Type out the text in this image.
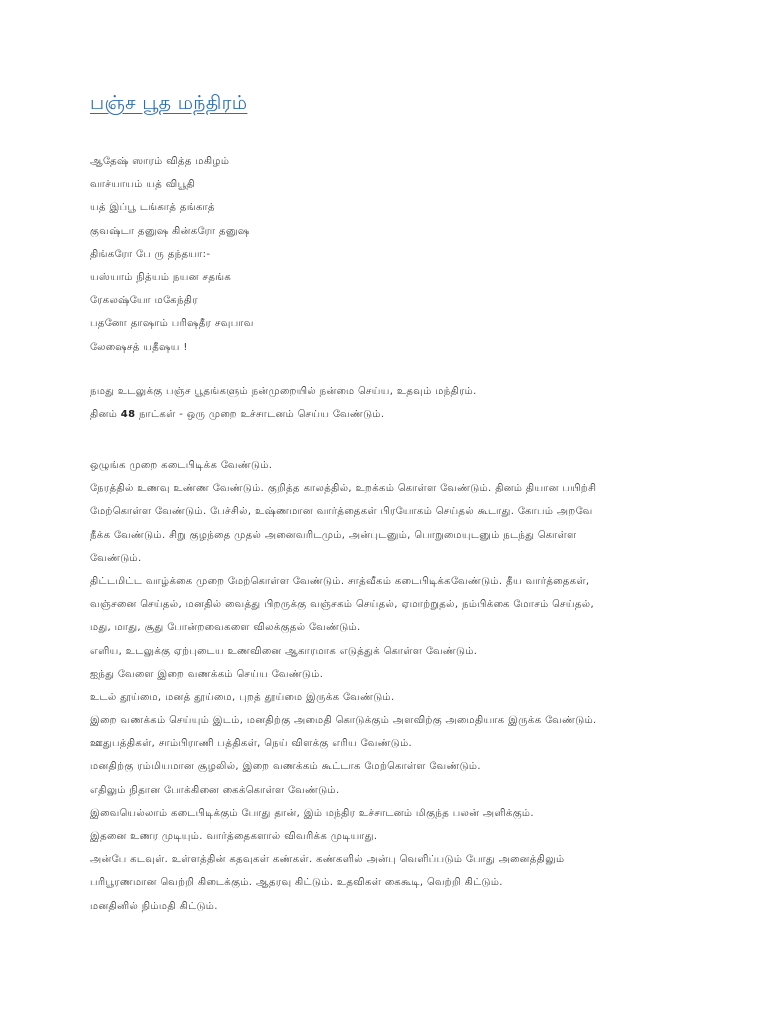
பஞ்ச பூத மந்திரம்
ஆதேஷ் ஸாரம் வித்த மகிழம்
வாச்யாயம் யத் விபூதி
யத் இப்பூ டங்காத் தங்காத்
குவஷ்டா தனுஷ கின்கரோ தனுஷ
திங்கரோ பே ரு தந்தயா:-
யஸ்யாம் நித்யம் நயன சதங்க
ரேகலஷ்யோ மகேந்திர
பதனோ தாஷாம் பரிஷதீர சவுபாவ
லேஷைசத் யதீஷய !
நமது உடலுக்கு பஞ்ச பூதங்களும் நன்முறையில் நன்மை செய்ய, உதவும் மந்திரம்.
தினம் 48 நாட்கள் - ஒரு முறை உச்சாடனம் செய்ய வேண்டும்.
ஒழுங்க முறை கடைபிடிக்க வேண்டும்.
நேரத்தில் உணவு உண்ண வேண்டும். குறித்த காலத்தில், உறக்கம் கொள்ள வேண்டும். தினம் தியான பயிற்சி
மேற்கொள்ள வேண்டும். பேச்சில், உஷ்ணமான வார்த்தைகள் பிரயோகம் செய்தல் கூடாது. கோபம் அறவே
நீக்க வேண்டும். சிறு குழந்தை முதல் அனைவரிடமும், அன்புடனும், பொறுமையுடனும் நடந்து கொள்ள
வேண்டும்.
திட்டமிட்ட வாழ்க்கை முறை மேற்கொள்ள வேண்டும். சாத்வீகம் கடைபிடிக்கவேண்டும். தீய வார்த்தைகள்,
வஞ்சனை செய்தல், மனதில் வைத்து பிறருக்கு வஞ்சகம் செய்தல், ஏமாற்றுதல், நம்பிக்கை மோசம் செய்தல்,
மது, மாது, சூது போன்றவைகளை விலக்குதல் வேண்டும்.
எளிய, உடலுக்கு ஏற்புடைய உணவினை ஆகாரமாக எடுத்துக் கொள்ள வேண்டும்.
ஐந்து வேளை இறை வணக்கம் செய்ய வேண்டும்.
உடல் தூய்மை, மனத் தூய்மை, புறத் தூய்மை இருக்க வேண்டும்.
இறை வணக்கம் செய்யும் இடம், மனதிற்கு அமைதி கொடுக்கும் அளவிற்கு அமைதியாக இருக்க வேண்டும்.
ஊதுபத்திகள், சாம்பிராணி பத்திகள், நெய் விளக்கு எரிய வேண்டும்.
மனதிற்கு ரம்மியமான சூழலில், இறை வணக்கம் கூட்டாக மேற்கொள்ள வேண்டும்.
எதிலும் நிதான போக்கினை கைக்கொள்ள வேண்டும்.
இவையெல்லாம் கடைபிடிக்கும் போது தான், இம் மந்திர உச்சாடனம் மிகுந்த பலன் அளிக்கும்.
இதனை உணர முடியும். வார்த்தைகளால் விவரிக்க முடியாது.
அன்பே கடவுள். உள்ளத்தின் கதவுகள் கண்கள். கண்களில் அன்பு வெளிப்படும் போது அனைத்திலும்
பரிபூரணமான வெற்றி கிடைக்கும். ஆதரவு கிட்டும். உதவிகள் கைகூடி, வெற்றி கிட்டும்.
மனதினில் நிம்மதி கிட்டும்.
